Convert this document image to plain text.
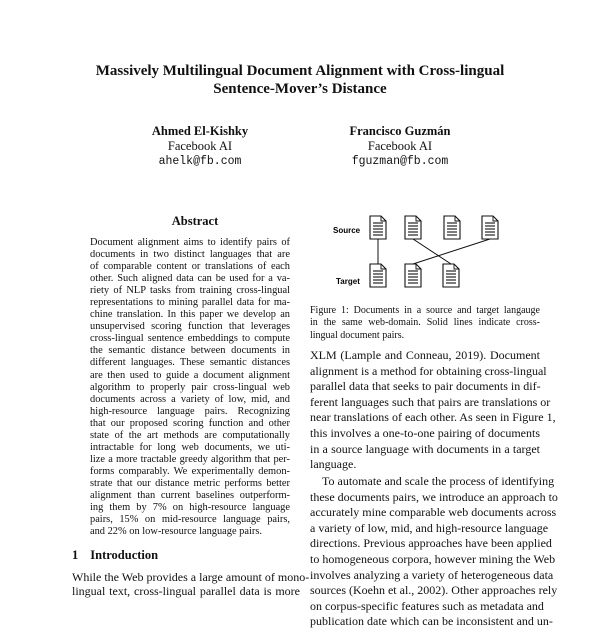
Massively Multilingual Document Alignment with Cross-lingual
Sentence-Mover’s Distance
Ahmed El-Kishky
Facebook AI
ahelk@fb.com
Francisco Guzmán
Facebook AI
fguzman@fb.com
Abstract
Document alignment aims to identify pairs of
documents in two distinct languages that are
of comparable content or translations of each
other. Such aligned data can be used for a va-
riety of NLP tasks from training cross-lingual
representations to mining parallel data for ma-
chine translation. In this paper we develop an
unsupervised scoring function that leverages
cross-lingual sentence embeddings to compute
the semantic distance between documents in
different languages. These semantic distances
are then used to guide a document alignment
algorithm to properly pair cross-lingual web
documents across a variety of low, mid, and
high-resource language pairs. Recognizing
that our proposed scoring function and other
state of the art methods are computationally
intractable for long web documents, we uti-
lize a more tractable greedy algorithm that per-
forms comparably. We experimentally demon-
strate that our distance metric performs better
alignment than current baselines outperform-
ing them by 7% on high-resource language
pairs, 15% on mid-resource language pairs,
and 22% on low-resource language pairs.
1 Introduction
While the Web provides a large amount of mono-
lingual text, cross-lingual parallel data is more
Source
Target
Figure 1: Documents in a source and target langauge
in the same web-domain. Solid lines indicate cross-
lingual document pairs.
XLM (Lample and Conneau, 2019). Document
alignment is a method for obtaining cross-lingual
parallel data that seeks to pair documents in dif-
ferent languages such that pairs are translations or
near translations of each other. As seen in Figure 1,
this involves a one-to-one pairing of documents
in a source language with documents in a target
language.
To automate and scale the process of identifying
these documents pairs, we introduce an approach to
accurately mine comparable web documents across
a variety of low, mid, and high-resource language
directions. Previous approaches have been applied
to homogeneous corpora, however mining the Web
involves analyzing a variety of heterogeneous data
sources (Koehn et al., 2002). Other approaches rely
on corpus-specific features such as metadata and
publication date which can be inconsistent and un-
